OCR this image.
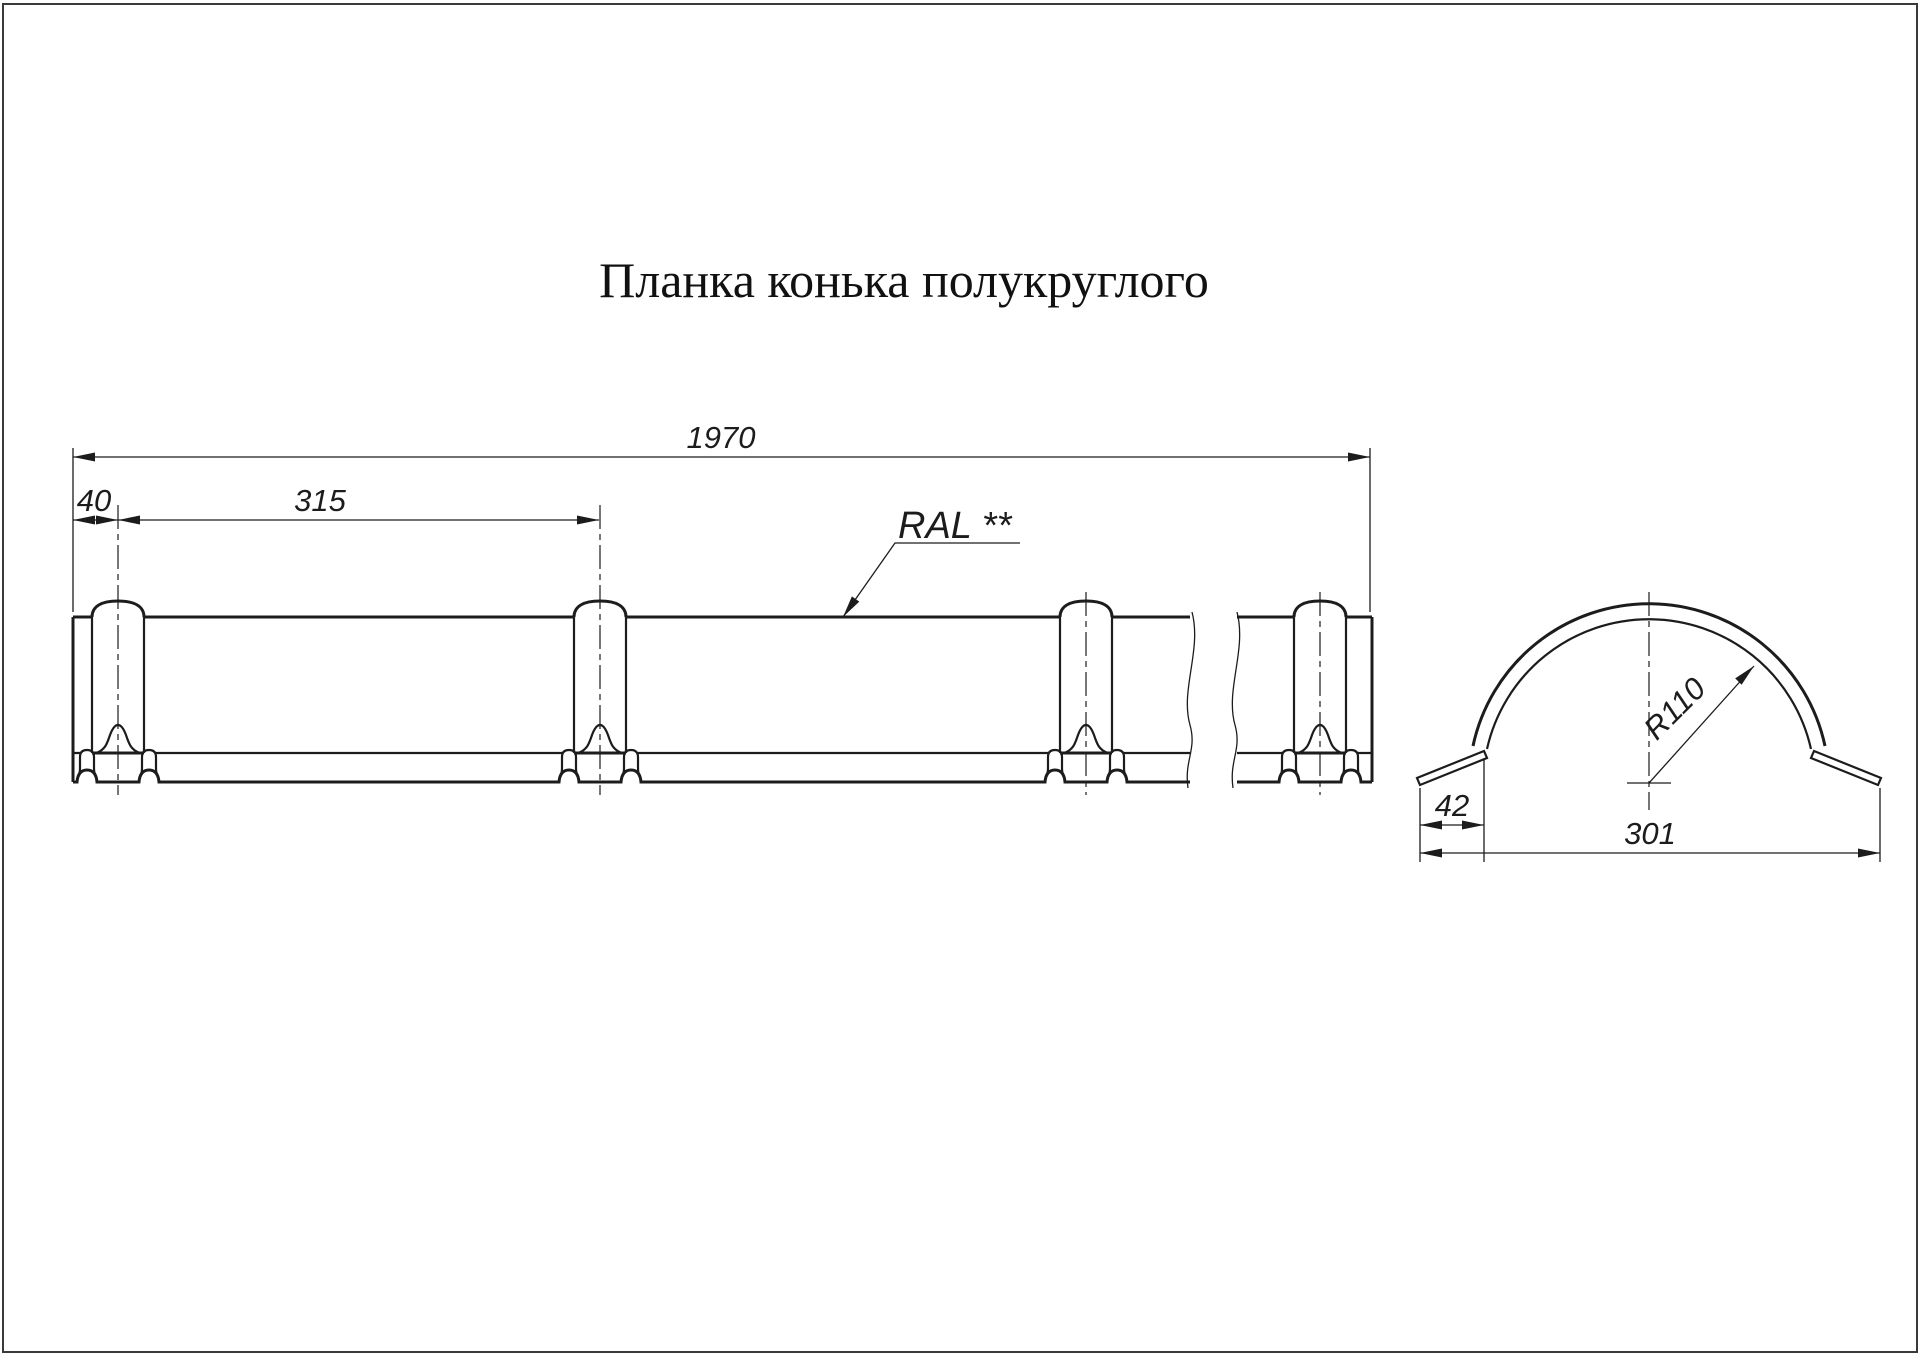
Планка конька полукруглого
1970
40	315
RAL **
R110
42
301
